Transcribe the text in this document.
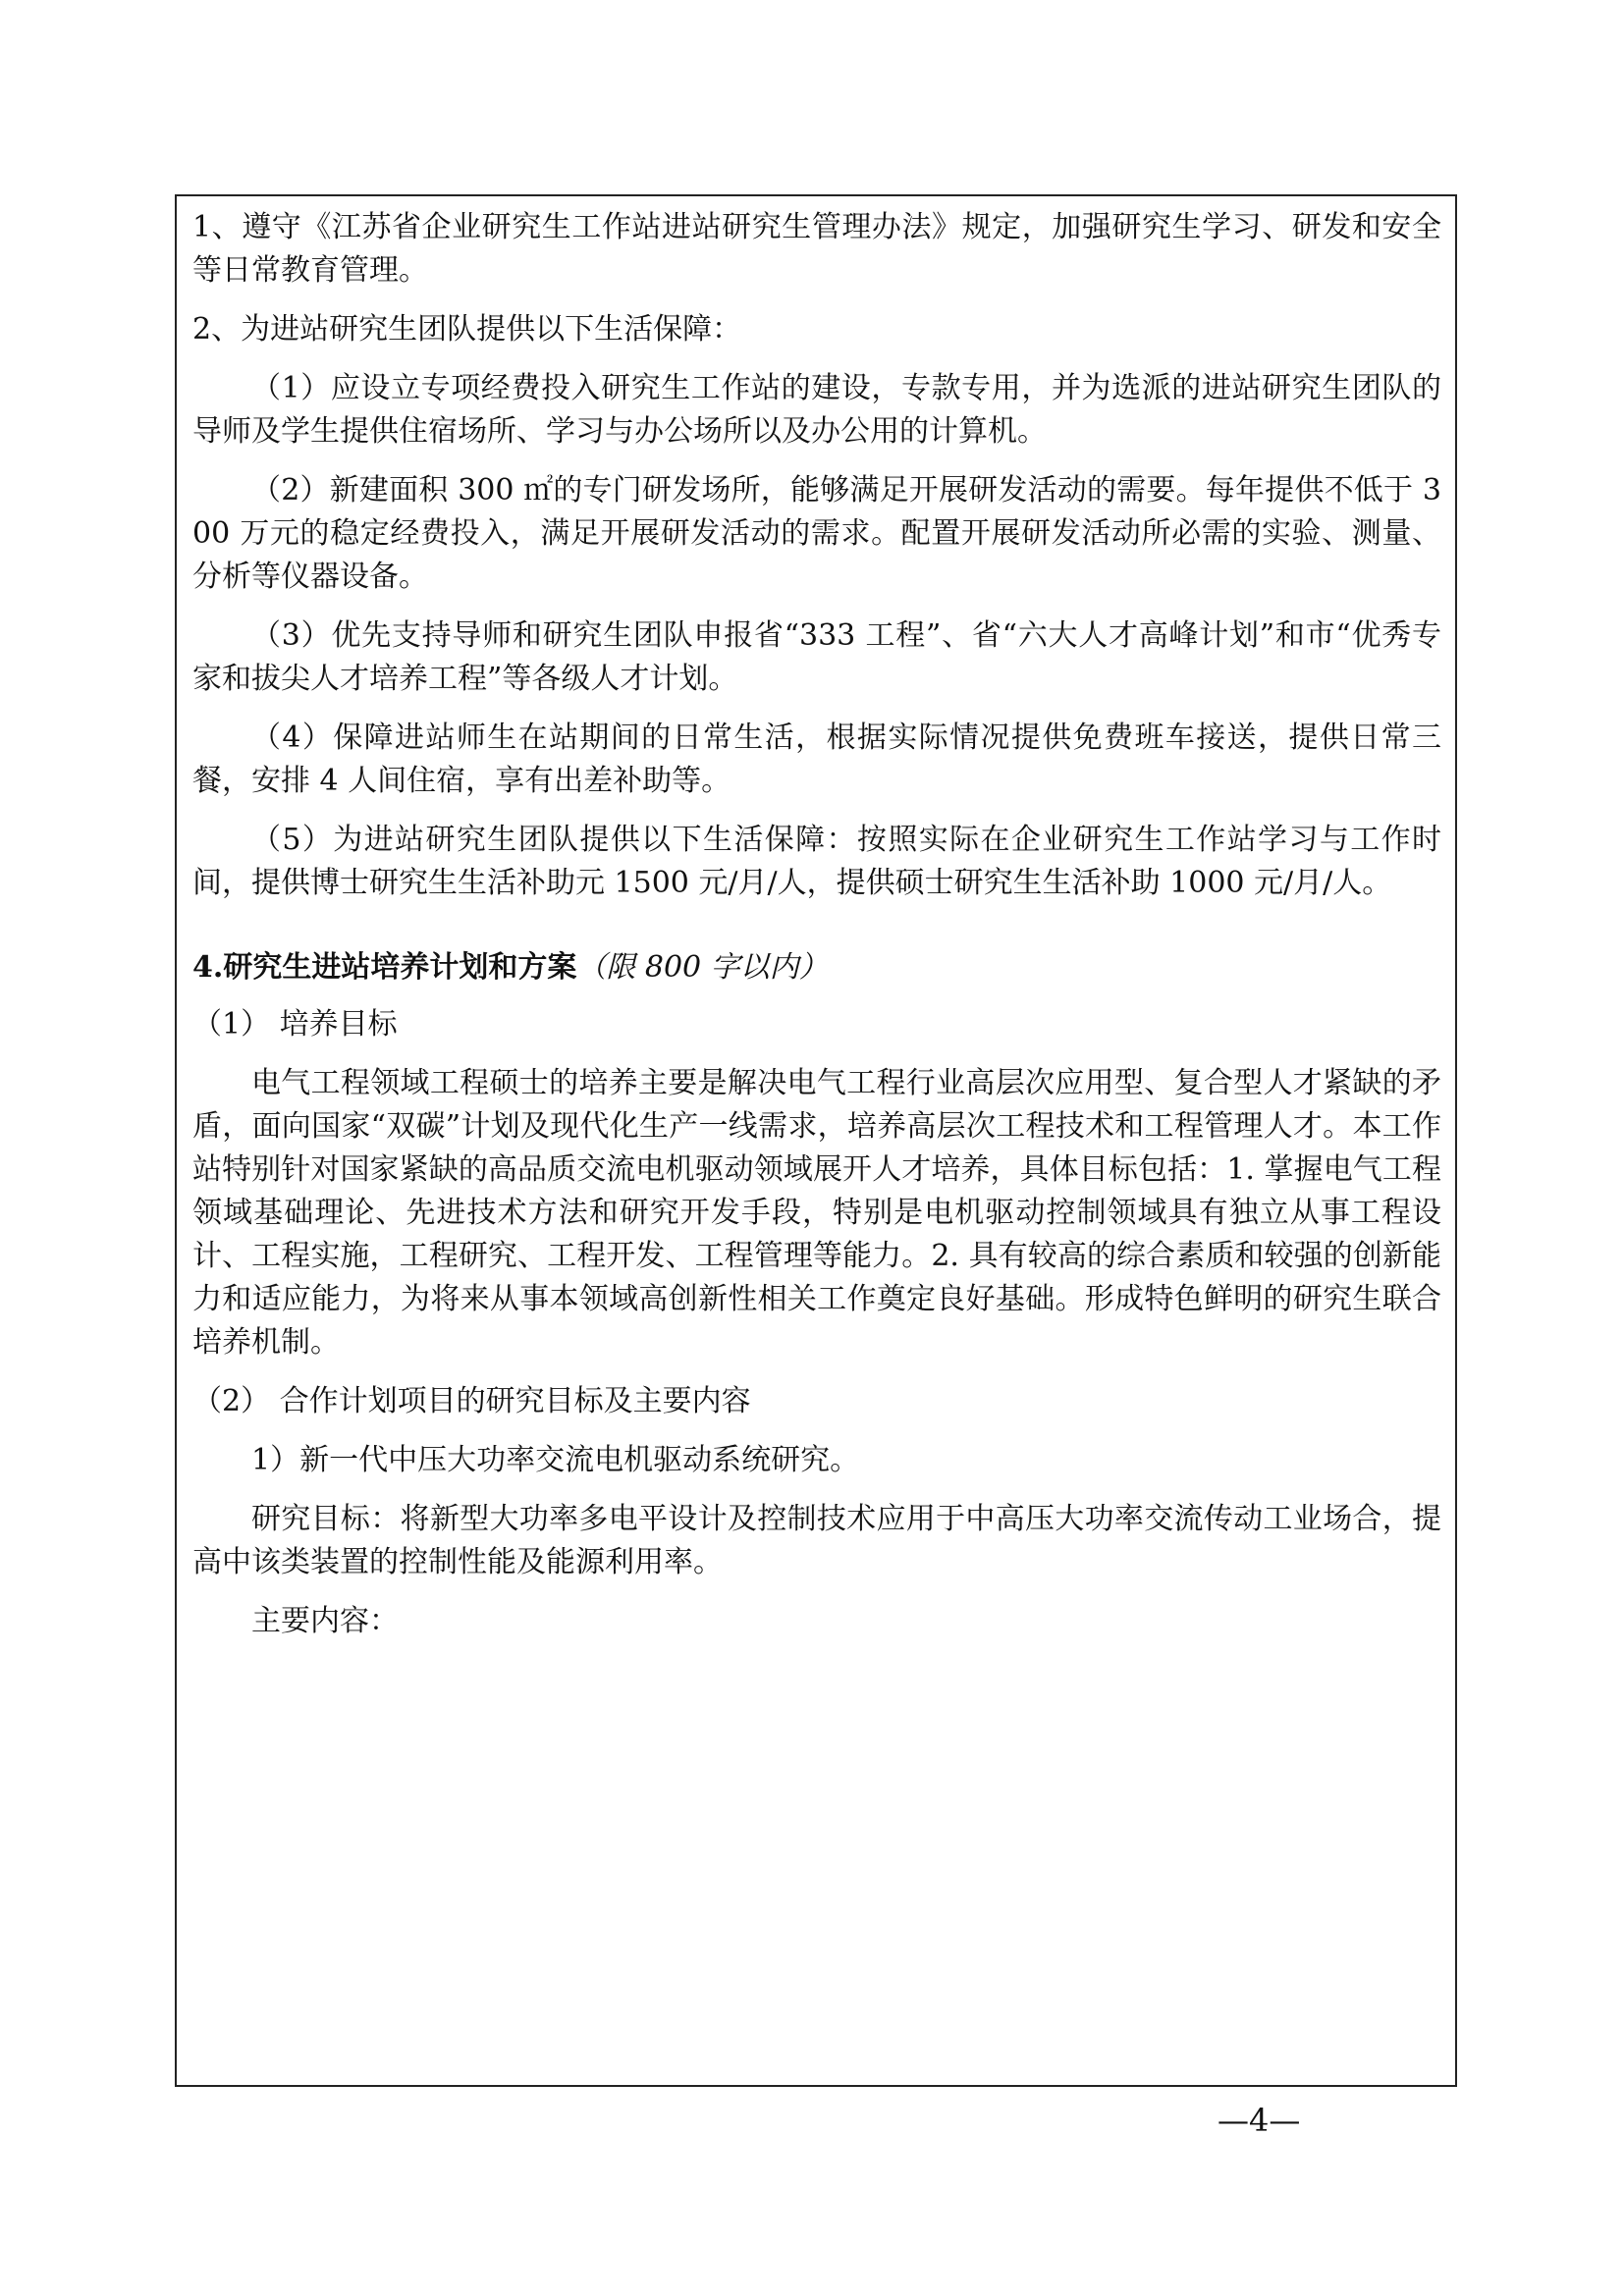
1、遵守《江苏省企业研究生工作站进站研究生管理办法》规定，加强研究生学习、研发和安全等日常教育管理。

2、为进站研究生团队提供以下生活保障：

（1）应设立专项经费投入研究生工作站的建设，专款专用，并为选派的进站研究生团队的导师及学生提供住宿场所、学习与办公场所以及办公用的计算机。

（2）新建面积 300 ㎡的专门研发场所，能够满足开展研发活动的需要。每年提供不低于 300 万元的稳定经费投入，满足开展研发活动的需求。配置开展研发活动所必需的实验、测量、分析等仪器设备。

（3）优先支持导师和研究生团队申报省“333 工程”、省“六大人才高峰计划”和市“优秀专家和拔尖人才培养工程”等各级人才计划。

（4）保障进站师生在站期间的日常生活，根据实际情况提供免费班车接送，提供日常三餐，安排 4 人间住宿，享有出差补助等。

（5）为进站研究生团队提供以下生活保障：按照实际在企业研究生工作站学习与工作时间，提供博士研究生生活补助元 1500 元/月/人，提供硕士研究生生活补助 1000 元/月/人。

4.研究生进站培养计划和方案（限 800 字以内）

（1） 培养目标

电气工程领域工程硕士的培养主要是解决电气工程行业高层次应用型、复合型人才紧缺的矛盾，面向国家“双碳”计划及现代化生产一线需求，培养高层次工程技术和工程管理人才。本工作站特别针对国家紧缺的高品质交流电机驱动领域展开人才培养，具体目标包括：1. 掌握电气工程领域基础理论、先进技术方法和研究开发手段，特别是电机驱动控制领域具有独立从事工程设计、工程实施，工程研究、工程开发、工程管理等能力。2. 具有较高的综合素质和较强的创新能力和适应能力，为将来从事本领域高创新性相关工作奠定良好基础。形成特色鲜明的研究生联合培养机制。

（2） 合作计划项目的研究目标及主要内容

1）新一代中压大功率交流电机驱动系统研究。

研究目标：将新型大功率多电平设计及控制技术应用于中高压大功率交流传动工业场合，提高中该类装置的控制性能及能源利用率。

主要内容：

—4—
